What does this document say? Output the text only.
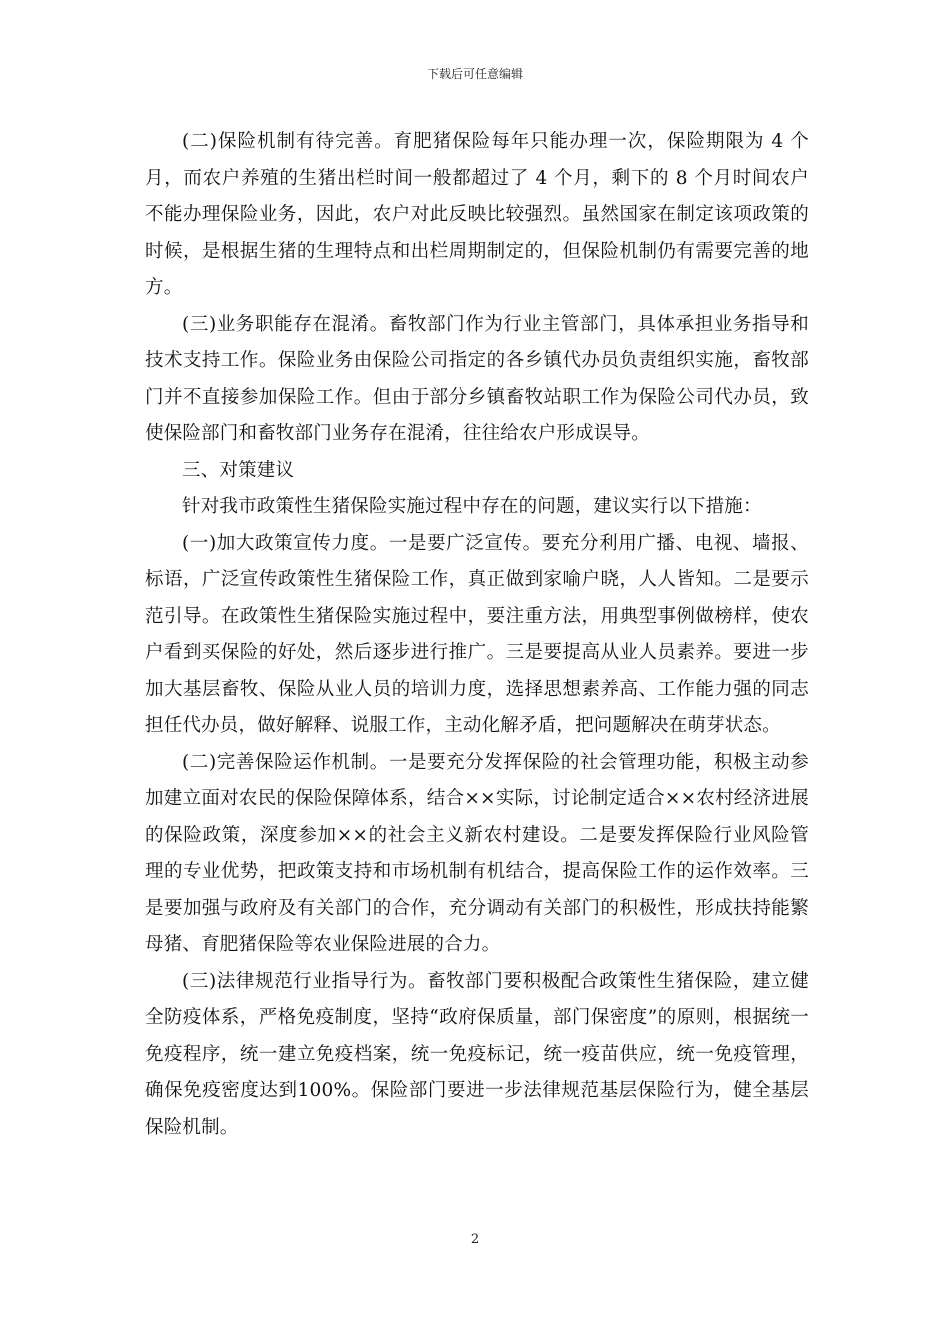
下载后可任意编辑

(二)保险机制有待完善。育肥猪保险每年只能办理一次，保险期限为 4 个月，而农户养殖的生猪出栏时间一般都超过了 4 个月，剩下的 8 个月时间农户不能办理保险业务，因此，农户对此反映比较强烈。虽然国家在制定该项政策的时候，是根据生猪的生理特点和出栏周期制定的，但保险机制仍有需要完善的地方。

(三)业务职能存在混淆。畜牧部门作为行业主管部门，具体承担业务指导和技术支持工作。保险业务由保险公司指定的各乡镇代办员负责组织实施，畜牧部门并不直接参加保险工作。但由于部分乡镇畜牧站职工作为保险公司代办员，致使保险部门和畜牧部门业务存在混淆，往往给农户形成误导。

三、对策建议

针对我市政策性生猪保险实施过程中存在的问题，建议实行以下措施：

(一)加大政策宣传力度。一是要广泛宣传。要充分利用广播、电视、墙报、标语，广泛宣传政策性生猪保险工作，真正做到家喻户晓，人人皆知。二是要示范引导。在政策性生猪保险实施过程中，要注重方法，用典型事例做榜样，使农户看到买保险的好处，然后逐步进行推广。三是要提高从业人员素养。要进一步加大基层畜牧、保险从业人员的培训力度，选择思想素养高、工作能力强的同志担任代办员，做好解释、说服工作，主动化解矛盾，把问题解决在萌芽状态。

(二)完善保险运作机制。一是要充分发挥保险的社会管理功能，积极主动参加建立面对农民的保险保障体系，结合××实际，讨论制定适合××农村经济进展的保险政策，深度参加××的社会主义新农村建设。二是要发挥保险行业风险管理的专业优势，把政策支持和市场机制有机结合，提高保险工作的运作效率。三是要加强与政府及有关部门的合作，充分调动有关部门的积极性，形成扶持能繁母猪、育肥猪保险等农业保险进展的合力。

(三)法律规范行业指导行为。畜牧部门要积极配合政策性生猪保险，建立健全防疫体系，严格免疫制度，坚持“政府保质量，部门保密度”的原则，根据统一免疫程序，统一建立免疫档案，统一免疫标记，统一疫苗供应，统一免疫管理，确保免疫密度达到100%。保险部门要进一步法律规范基层保险行为，健全基层保险机制。

2
